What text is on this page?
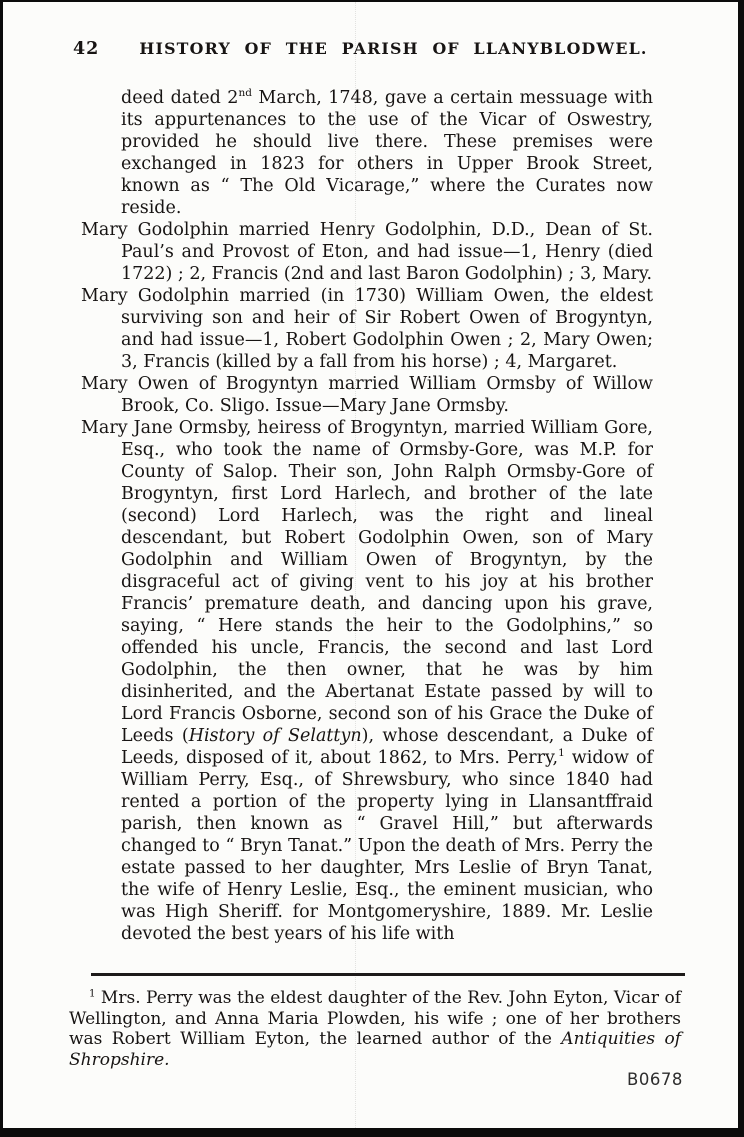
42	HISTORY OF THE PARISH OF LLANYBLODWEL.

deed dated 2nd March, 1748, gave a certain messuage with its appurtenances to the use of the Vicar of Oswestry, provided he should live there. These premises were exchanged in 1823 for others in Upper Brook Street, known as “ The Old Vicarage,” where the Curates now reside.

Mary Godolphin married Henry Godolphin, D.D., Dean of St. Paul’s and Provost of Eton, and had issue—1, Henry (died 1722) ; 2, Francis (2nd and last Baron Godolphin) ; 3, Mary.

Mary Godolphin married (in 1730) William Owen, the eldest surviving son and heir of Sir Robert Owen of Brogyntyn, and had issue—1, Robert Godolphin Owen ; 2, Mary Owen; 3, Francis (killed by a fall from his horse) ; 4, Margaret.

Mary Owen of Brogyntyn married William Ormsby of Willow Brook, Co. Sligo. Issue—Mary Jane Ormsby.

Mary Jane Ormsby, heiress of Brogyntyn, married William Gore, Esq., who took the name of Ormsby-Gore, was M.P. for County of Salop. Their son, John Ralph Ormsby-Gore of Brogyntyn, first Lord Harlech, and brother of the late (second) Lord Harlech, was the right and lineal descendant, but Robert Godolphin Owen, son of Mary Godolphin and William Owen of Brogyntyn, by the disgraceful act of giving vent to his joy at his brother Francis’ premature death, and dancing upon his grave, saying, “ Here stands the heir to the Godolphins,” so offended his uncle, Francis, the second and last Lord Godolphin, the then owner, that he was by him disinherited, and the Abertanat Estate passed by will to Lord Francis Osborne, second son of his Grace the Duke of Leeds (History of Selattyn), whose descendant, a Duke of Leeds, disposed of it, about 1862, to Mrs. Perry,$^1$ widow of William Perry, Esq., of Shrewsbury, who since 1840 had rented a portion of the property lying in Llansantffraid parish, then known as “ Gravel Hill,” but afterwards changed to “ Bryn Tanat.” Upon the death of Mrs. Perry the estate passed to her daughter, Mrs Leslie of Bryn Tanat, the wife of Henry Leslie, Esq., the eminent musician, who was High Sheriff. for Montgomeryshire, 1889. Mr. Leslie devoted the best years of his life with

$^1$ Mrs. Perry was the eldest daughter of the Rev. John Eyton, Vicar of Wellington, and Anna Maria Plowden, his wife ; one of her brothers was Robert William Eyton, the learned author of the Antiquities of Shropshire.
B0678
